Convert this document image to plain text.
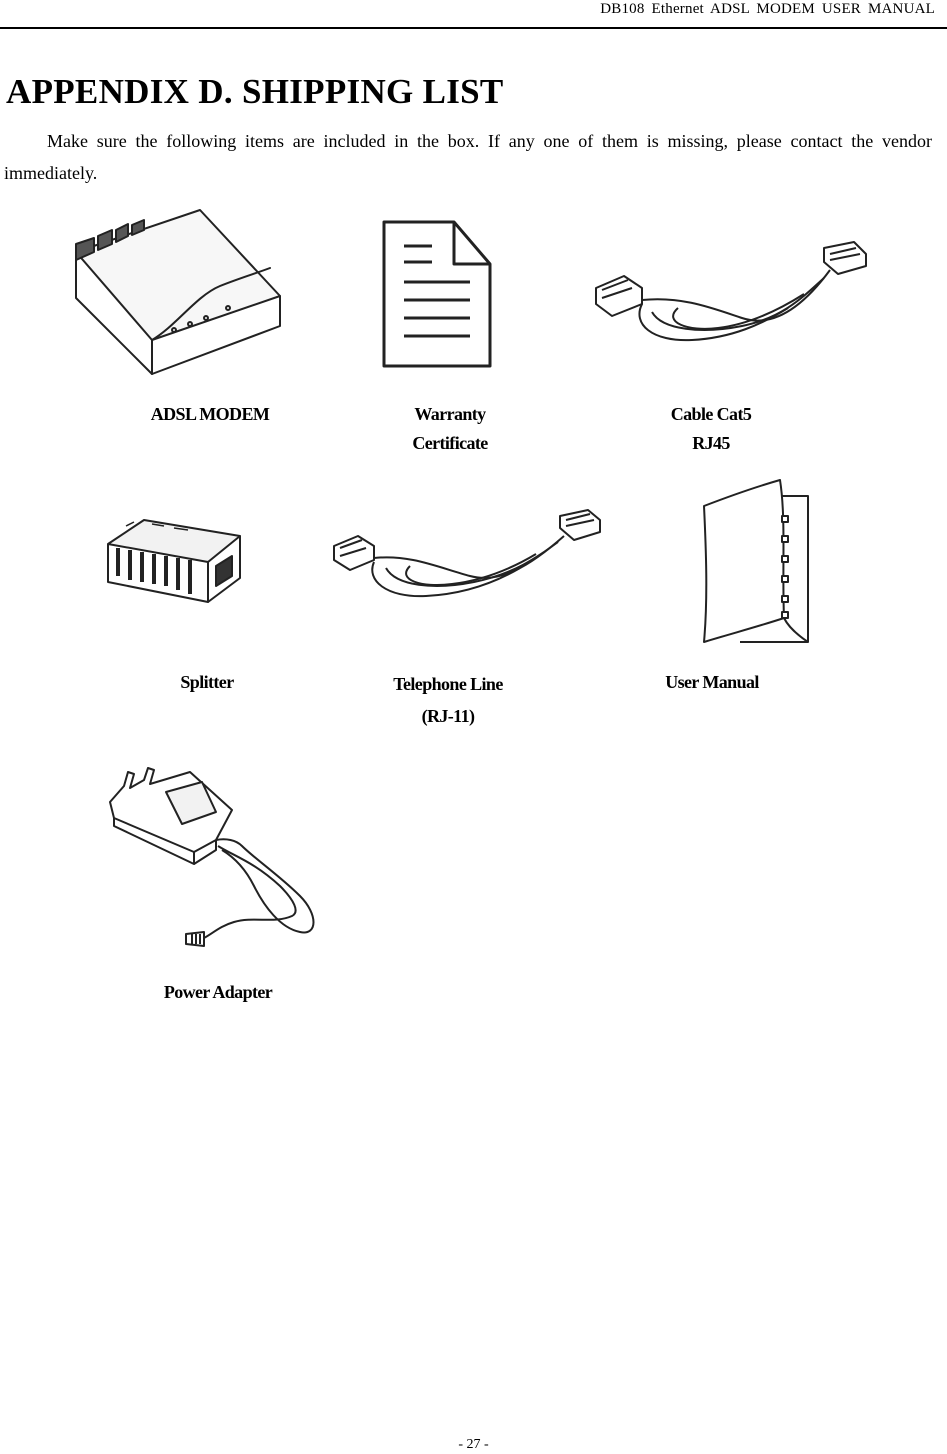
DB108 Ethernet ADSL MODEM USER MANUAL
APPENDIX D. SHIPPING LIST

Make sure the following items are included in the box. If any one of them is missing, please contact the vendor immediately.

ADSL MODEM	Warranty
Certificate
Cable Cat5
RJ45
Splitter	Telephone Line
(RJ-11)
User Manual
Power Adapter
- 27 -
